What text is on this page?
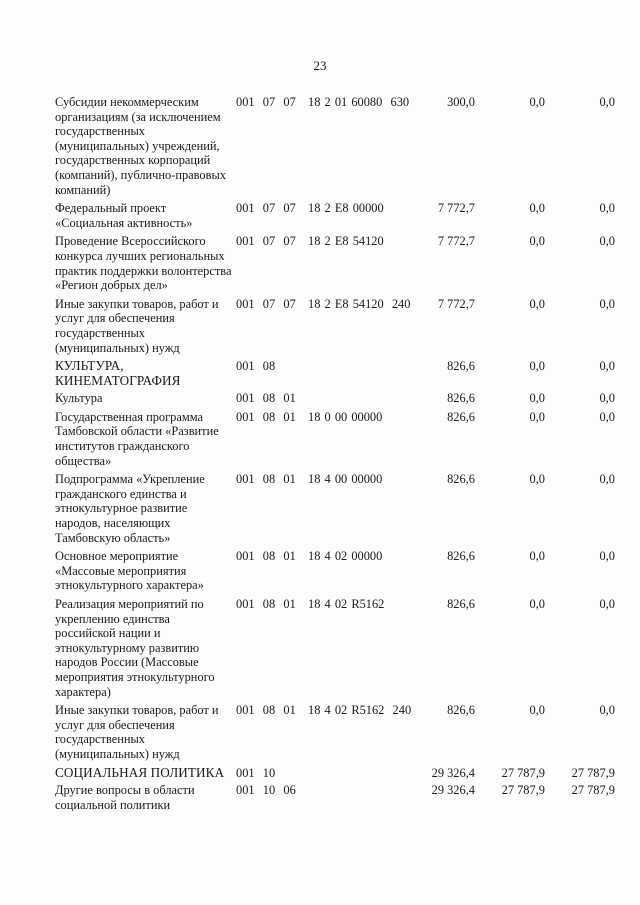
23
Субсидии некоммерческим организациям (за исключением государственных (муниципальных) учреждений, государственных корпораций (компаний), публично-правовых компаний)
001  07  07   18 2 01 60080  630	300,0	0,0	0,0
Федеральный проект «Социальная активность»
001  07  07   18 2 E8 00000	7 772,7	0,0	0,0
Проведение Всероссийского конкурса лучших региональных практик поддержки волонтерства «Регион добрых дел»
001  07  07   18 2 E8 54120	7 772,7	0,0	0,0
Иные закупки товаров, работ и услуг для обеспечения государственных (муниципальных) нужд
001  07  07   18 2 E8 54120  240	7 772,7	0,0	0,0
КУЛЬТУРА, КИНЕМАТОГРАФИЯ
001  08	826,6	0,0	0,0
Культура	001  08  01	826,6	0,0	0,0
Государственная программа Тамбовской области «Развитие институтов гражданского общества»
001  08  01   18 0 00 00000	826,6	0,0	0,0
Подпрограмма «Укрепление гражданского единства и этнокультурное развитие народов, населяющих Тамбовскую область»
001  08  01   18 4 00 00000	826,6	0,0	0,0
Основное мероприятие «Массовые мероприятия этнокультурного характера»
001  08  01   18 4 02 00000	826,6	0,0	0,0
Реализация мероприятий по укреплению единства российской нации и этнокультурному развитию народов России (Массовые мероприятия этнокультурного характера)
001  08  01   18 4 02 R5162	826,6	0,0	0,0
Иные закупки товаров, работ и услуг для обеспечения государственных (муниципальных) нужд
001  08  01   18 4 02 R5162  240	826,6	0,0	0,0
СОЦИАЛЬНАЯ ПОЛИТИКА 001  10	29 326,4	27 787,9	27 787,9
Другие вопросы в области социальной политики
001  10  06	29 326,4	27 787,9	27 787,9
